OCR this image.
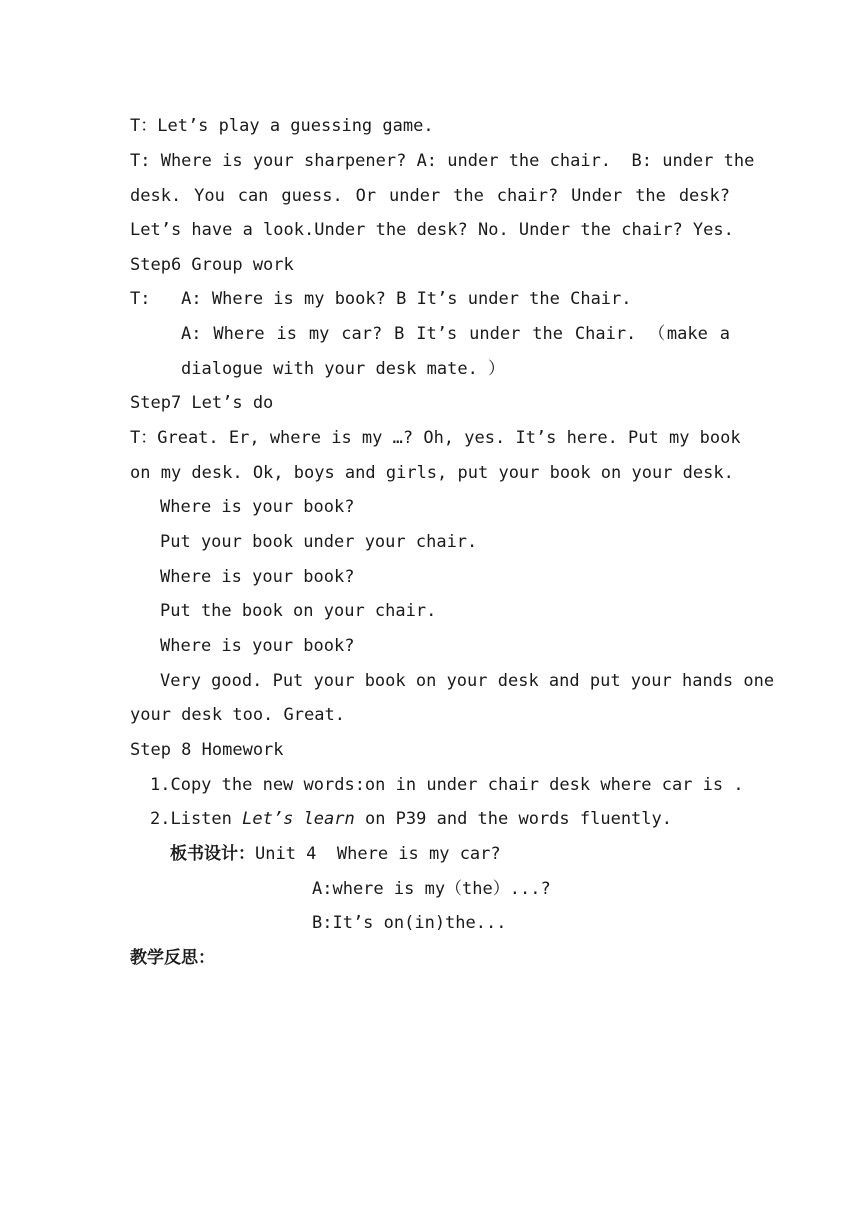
T：Let’s play a guessing game.
T: Where is your sharpener? A: under the chair.  B: under the
desk. You can guess. Or under the chair? Under the desk?
Let’s have a look.Under the desk? No. Under the chair? Yes.
Step6 Group work
T:   A: Where is my book? B It’s under the Chair.
A: Where is my car? B It’s under the Chair. （make a
dialogue with your desk mate. ）
Step7 Let’s do
T：Great. Er, where is my …? Oh, yes. It’s here. Put my book
on my desk. Ok, boys and girls, put your book on your desk.
Where is your book?
Put your book under your chair.
Where is your book?
Put the book on your chair.
Where is your book?
Very good. Put your book on your desk and put your hands one
your desk too. Great.
Step 8 Homework
1.Copy the new words:on in under chair desk where car is .
2.Listen Let’s learn on P39 and the words fluently.
板书设计：Unit 4  Where is my car?
A:where is my（the）...?
B:It’s on(in)the...
教学反思：
